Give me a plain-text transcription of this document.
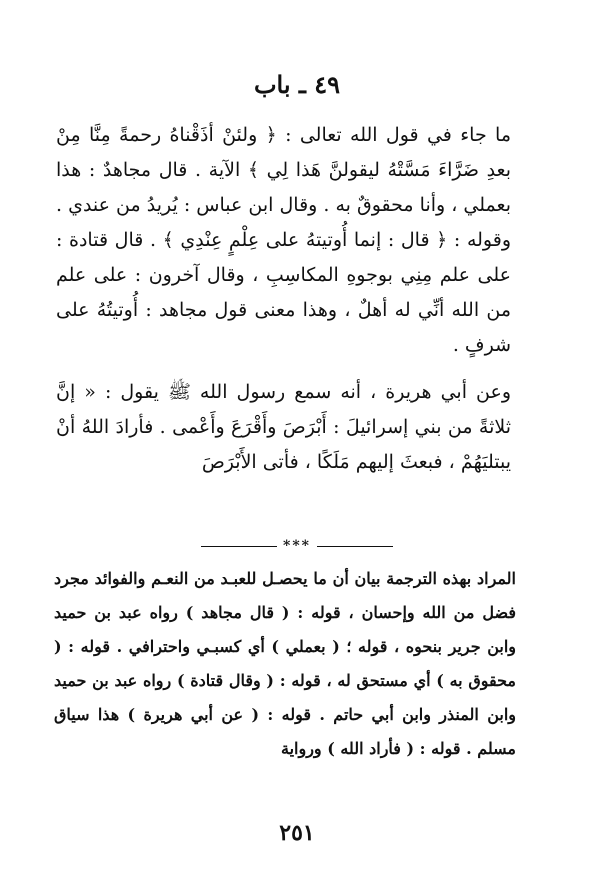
٤٩ ـ باب

ما جاء في قول الله تعالى : ﴿ ولئنْ أذَقْناهُ رحمةً مِنَّا مِنْ بعدِ ضَرَّاءَ مَسَّتْهُ ليقولنَّ هَذا لِي ﴾ الآية . قال مجاهدٌ : هذا بعملي ، وأنا محقوقٌ به . وقال ابن عباس : يُريدُ من عندي . وقوله : ﴿ قال : إنما أُوتيتهُ على عِلْمٍ عِنْدِي ﴾ . قال قتادة : على علم مِنِي بوجوهِ المكاسِبِ ، وقال آخرون : على علم من الله أنِّي له أهلٌ ، وهذا معنى قول مجاهد : أُوتيتُهُ على شرفٍ .

وعن أبي هريرة ، أنه سمع رسول الله ﷺ يقول : « إنَّ ثلاثةً من بني إسرائيلَ : أَبْرَصَ وأَقْرَعَ وأَعْمى . فأرادَ اللهُ أنْ يبتليَهُمْ ، فبعثَ إليهم مَلَكًا ، فأتى الأَبْرَصَ

***

المراد بهذه الترجمة بيان أن ما يحصـل للعبـد من النعـم والفوائد مجرد فضل من الله وإحسان ، قوله : ( قال مجاهد ) رواه عبد بن حميد وابن جرير بنحوه ، قوله ؛ ( بعملي ) أي كسبـي واحترافي . قوله : ( محقوق به ) أي مستحق له ، قوله : ( وقال قتادة ) رواه عبد بن حميد وابن المنذر وابن أبي حاتم . قوله : ( عن أبي هريرة ) هذا سياق مسلم . قوله : ( فأراد الله ) ورواية

٢٥١
